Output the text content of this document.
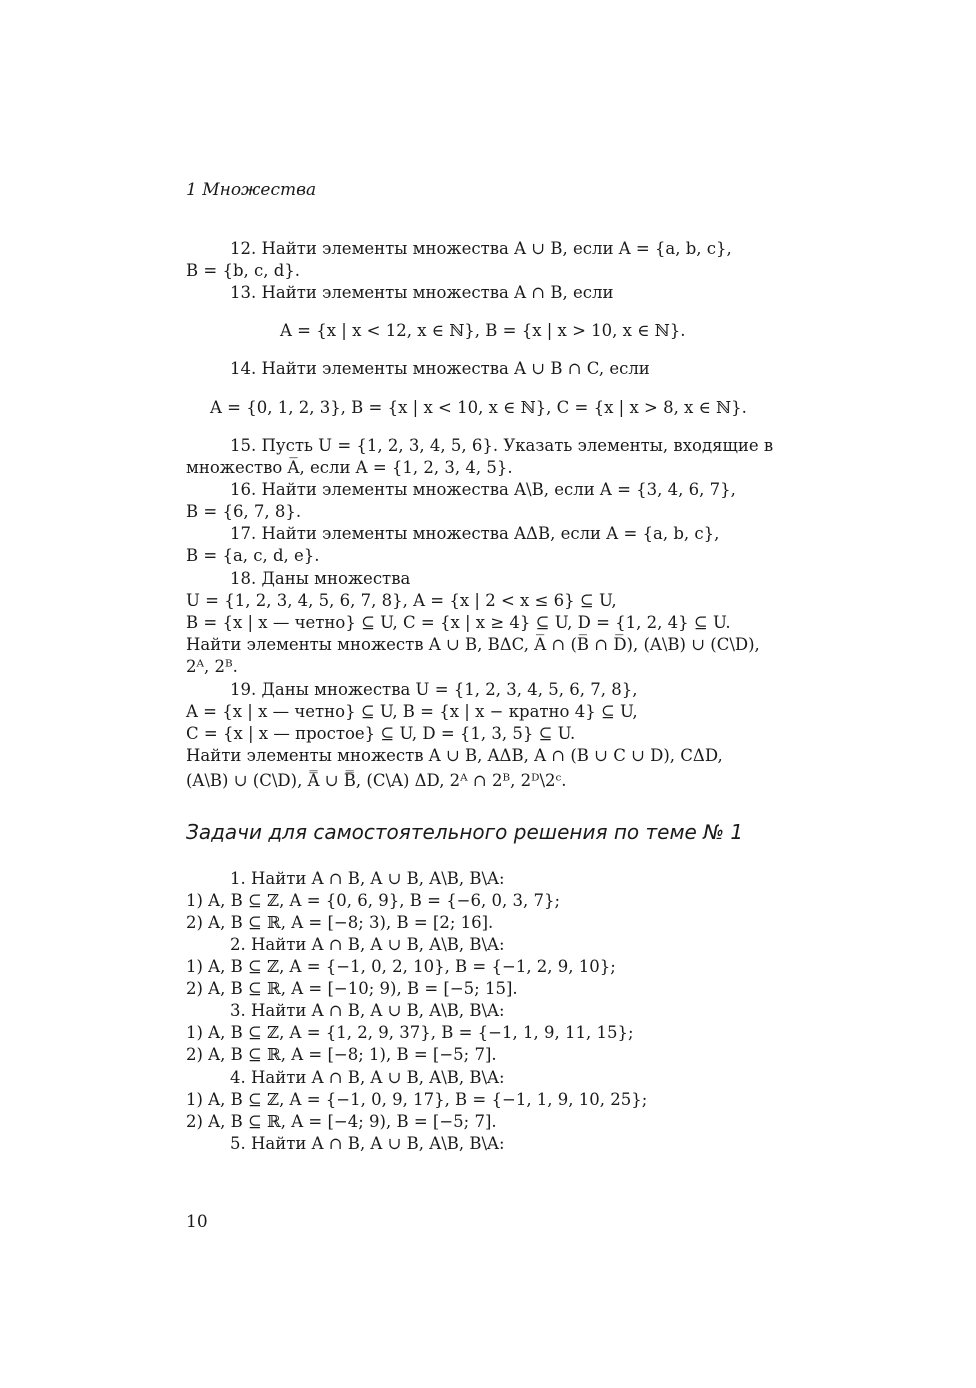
1 Множества
12. Найти элементы множества A ∪ B, если A = {a, b, c},
B = {b, c, d}.
13. Найти элементы множества A ∩ B, если
A = {x | x < 12, x ∈ ℕ}, B = {x | x > 10, x ∈ ℕ}.
14. Найти элементы множества A ∪ B ∩ C, если
A = {0, 1, 2, 3}, B = {x | x < 10, x ∈ ℕ}, C = {x | x > 8, x ∈ ℕ}.
15. Пусть U = {1, 2, 3, 4, 5, 6}. Указать элементы, входящие в
множество A̅, если A = {1, 2, 3, 4, 5}.
16. Найти элементы множества A\B, если A = {3, 4, 6, 7},
B = {6, 7, 8}.
17. Найти элементы множества AΔB, если A = {a, b, c},
B = {a, c, d, e}.
18. Даны множества
U = {1, 2, 3, 4, 5, 6, 7, 8}, A = {x | 2 < x ≤ 6} ⊆ U,
B = {x | x — четно} ⊆ U, C = {x | x ≥ 4} ⊆ U, D = {1, 2, 4} ⊆ U.
Найти элементы множеств A ∪ B, BΔC, A̅ ∩ (B̅ ∩ D̅), (A\B) ∪ (C\D),
2ᴬ, 2ᴮ.
19. Даны множества U = {1, 2, 3, 4, 5, 6, 7, 8},
A = {x | x — четно} ⊆ U, B = {x | x − кратно 4} ⊆ U,
C = {x | x — простое} ⊆ U, D = {1, 3, 5} ⊆ U.
Найти элементы множеств A ∪ B, AΔB, A ∩ (B ∪ C ∪ D), CΔD,
(A\B) ∪ (C\D), A̿ ∪ B̿, (C\A) ΔD, 2ᴬ ∩ 2ᴮ, 2ᴰ\2ᶜ.
Задачи для самостоятельного решения по теме № 1
1. Найти A ∩ B, A ∪ B, A\B, B\A:
1) A, B ⊆ ℤ, A = {0, 6, 9}, B = {−6, 0, 3, 7};
2) A, B ⊆ ℝ, A = [−8; 3), B = [2; 16].
2. Найти A ∩ B, A ∪ B, A\B, B\A:
1) A, B ⊆ ℤ, A = {−1, 0, 2, 10}, B = {−1, 2, 9, 10};
2) A, B ⊆ ℝ, A = [−10; 9), B = [−5; 15].
3. Найти A ∩ B, A ∪ B, A\B, B\A:
1) A, B ⊆ ℤ, A = {1, 2, 9, 37}, B = {−1, 1, 9, 11, 15};
2) A, B ⊆ ℝ, A = [−8; 1), B = [−5; 7].
4. Найти A ∩ B, A ∪ B, A\B, B\A:
1) A, B ⊆ ℤ, A = {−1, 0, 9, 17}, B = {−1, 1, 9, 10, 25};
2) A, B ⊆ ℝ, A = [−4; 9), B = [−5; 7].
5. Найти A ∩ B, A ∪ B, A\B, B\A:
10
